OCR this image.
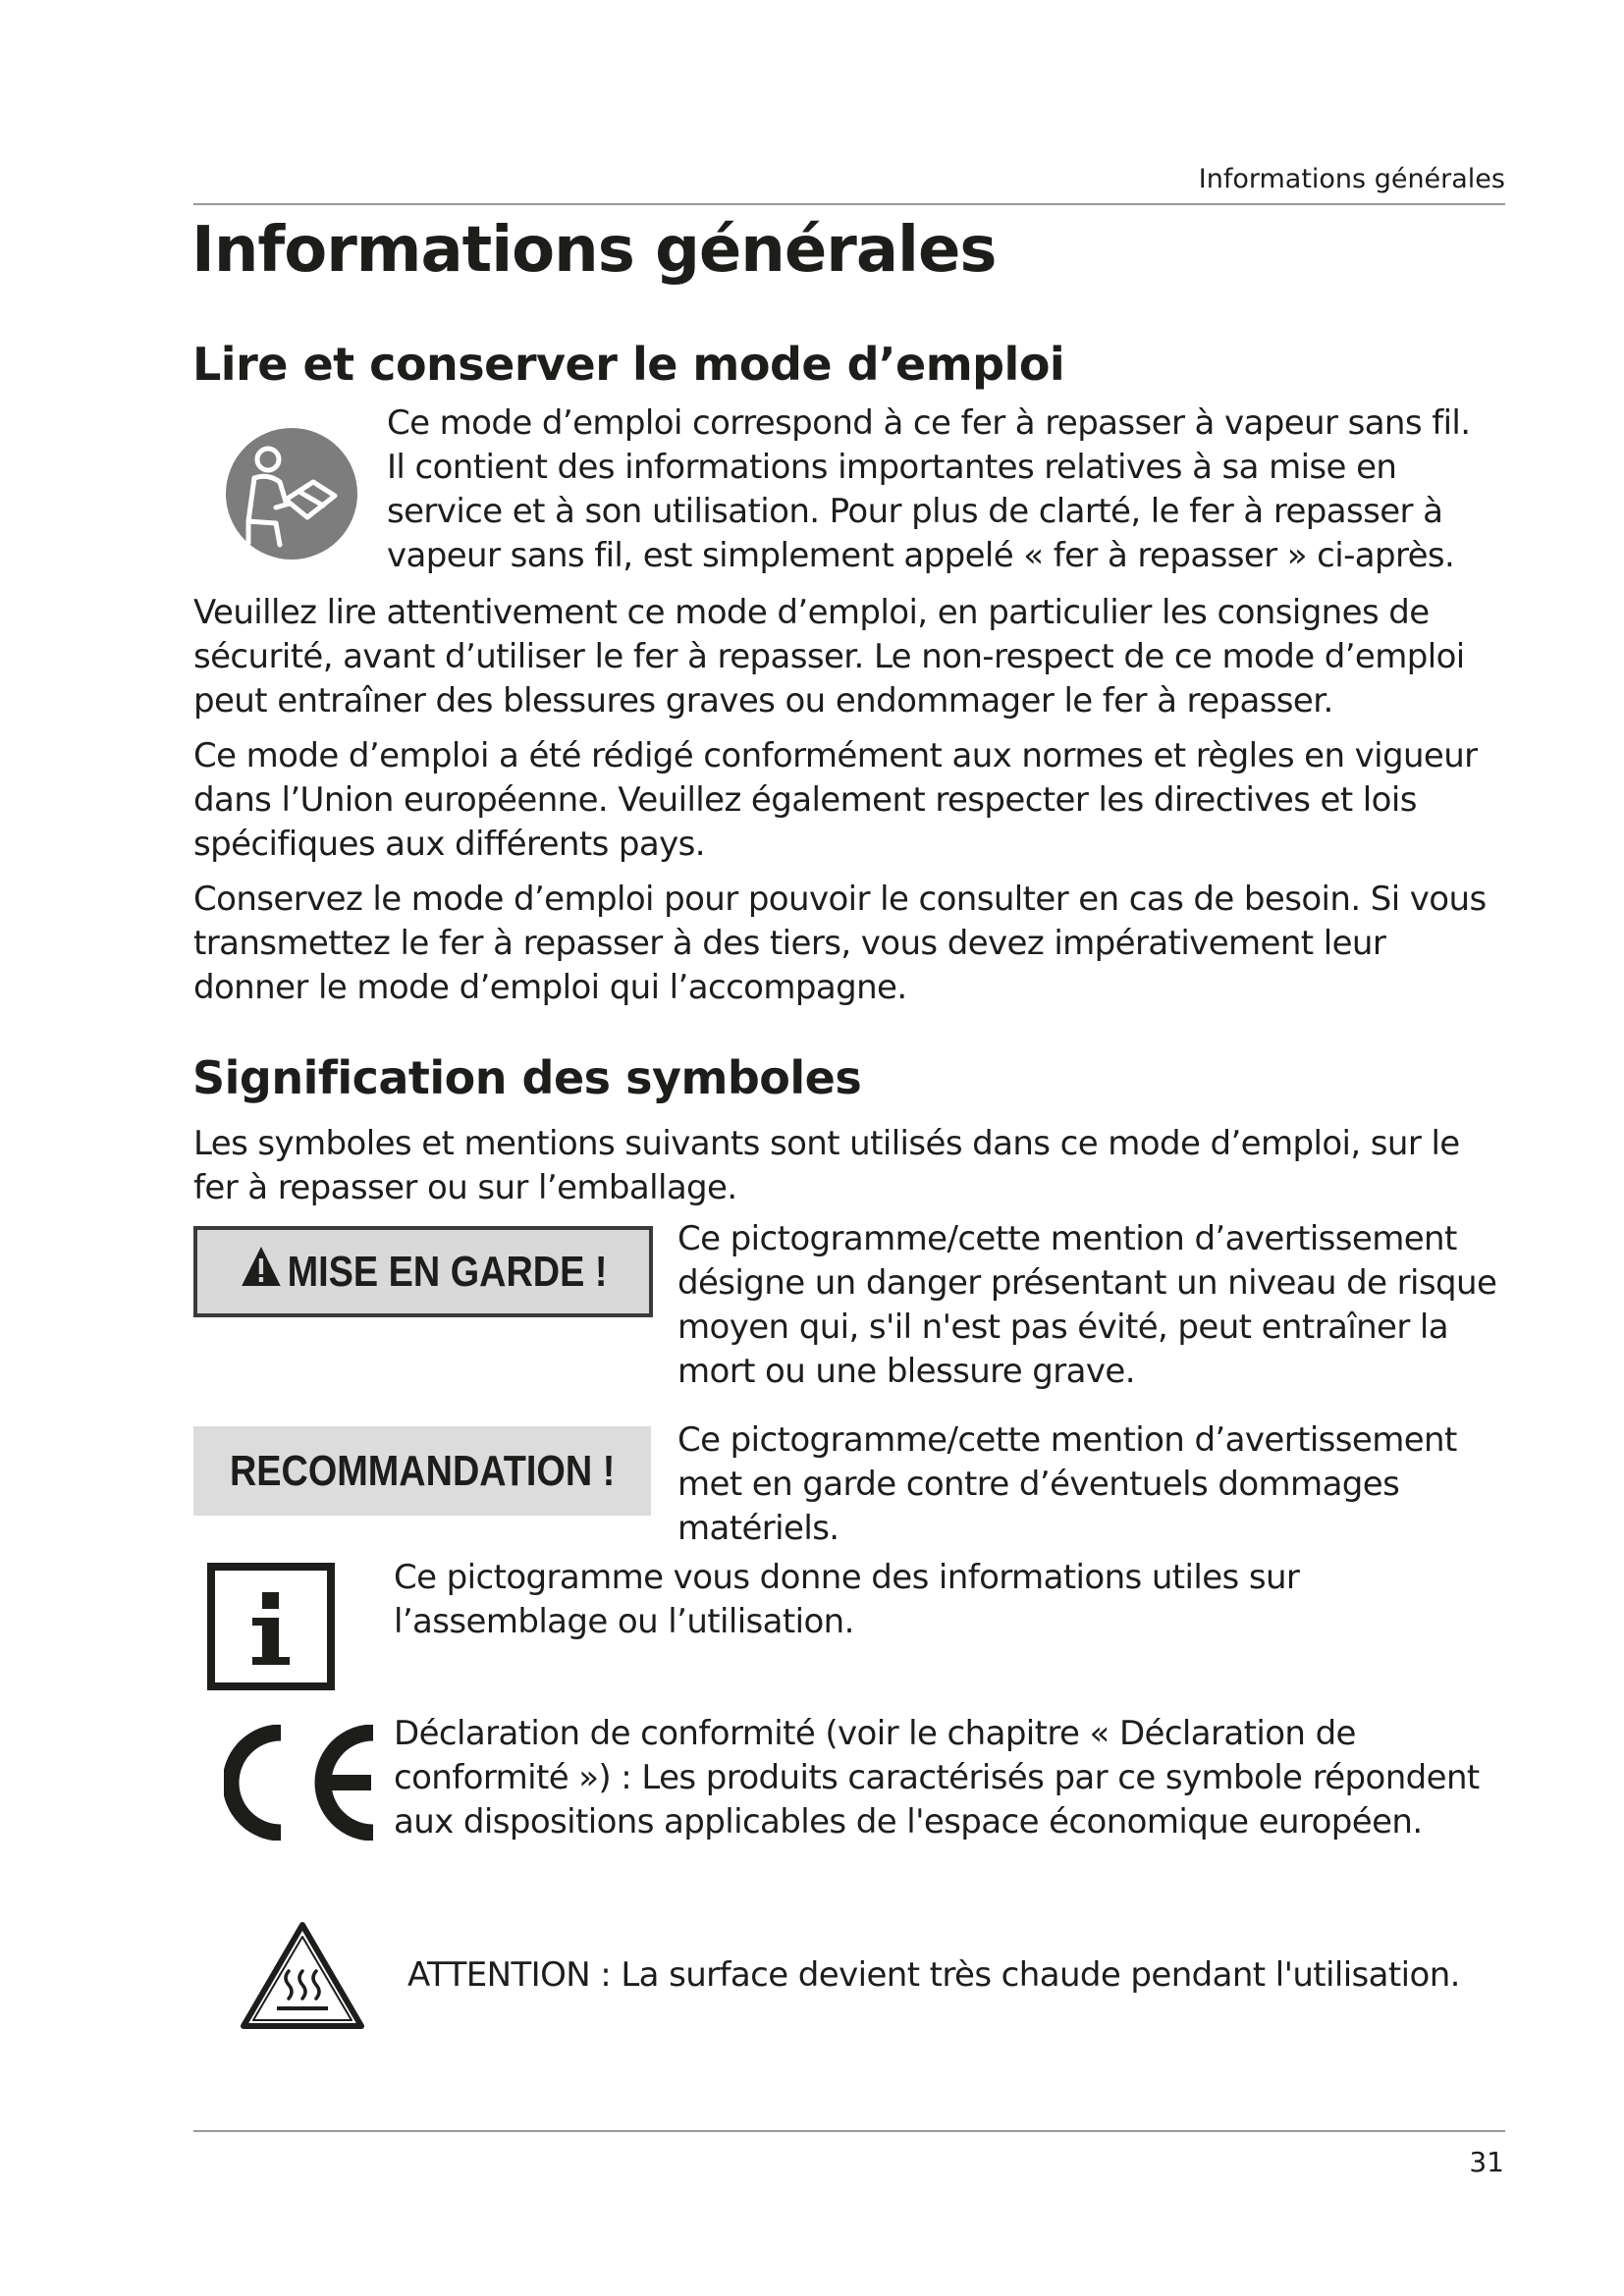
Informations générales
Informations générales
Lire et conserver le mode d’emploi

Ce mode d’emploi correspond à ce fer à repasser à vapeur sans fil. Il contient des informations importantes relatives à sa mise en service et à son utilisation. Pour plus de clarté, le fer à repasser à vapeur sans fil, est simplement appelé « fer à repasser » ci-après.

Veuillez lire attentivement ce mode d’emploi, en particulier les consignes de sécurité, avant d’utiliser le fer à repasser. Le non-respect de ce mode d’emploi peut entraîner des blessures graves ou endommager le fer à repasser.

Ce mode d’emploi a été rédigé conformément aux normes et règles en vigueur dans l’Union européenne. Veuillez également respecter les directives et lois spécifiques aux différents pays.

Conservez le mode d’emploi pour pouvoir le consulter en cas de besoin. Si vous transmettez le fer à repasser à des tiers, vous devez impérativement leur donner le mode d’emploi qui l’accompagne.

Signification des symboles

Les symboles et mentions suivants sont utilisés dans ce mode d’emploi, sur le fer à repasser ou sur l’emballage.

MISE EN GARDE !

Ce pictogramme/cette mention d’avertissement désigne un danger présentant un niveau de risque moyen qui, s'il n'est pas évité, peut entraîner la mort ou une blessure grave.

RECOMMANDATION !

Ce pictogramme/cette mention d’avertissement met en garde contre d’éventuels dommages matériels.

Ce pictogramme vous donne des informations utiles sur l’assemblage ou l’utilisation.

Déclaration de conformité (voir le chapitre « Déclaration de conformité ») : Les produits caractérisés par ce symbole répondent aux dispositions applicables de l'espace économique européen.

ATTENTION : La surface devient très chaude pendant l'utilisation.

31
